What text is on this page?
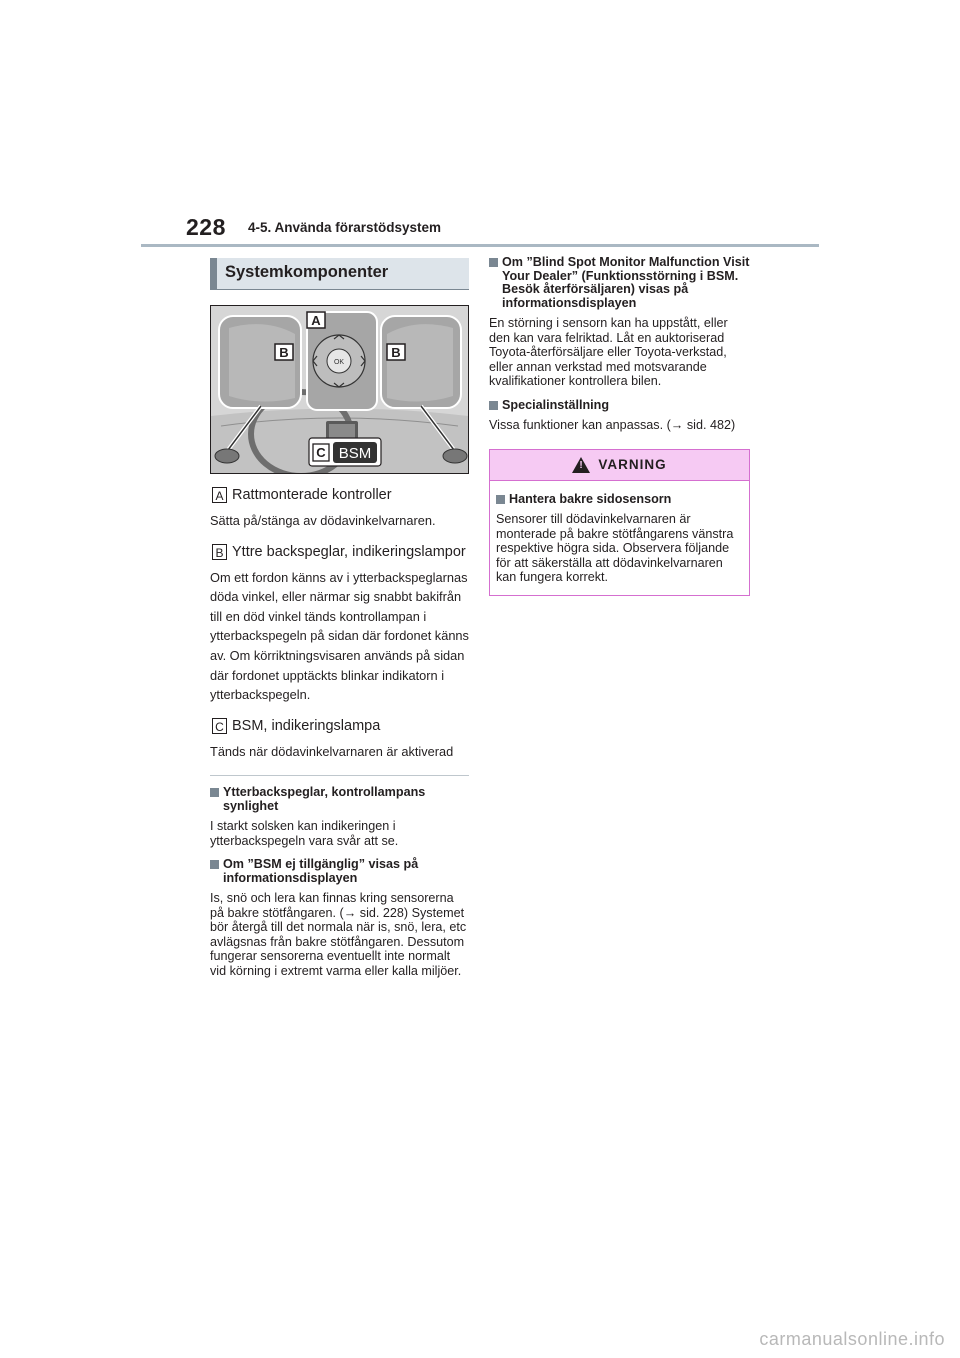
228 4-5. Använda förarstödsystem
Systemkomponenter
OK
A
B	B
C BSM
A Rattmonterade kontroller
Sätta på/stänga av dödavinkelvarnaren.
B Yttre backspeglar, indikeringslampor
Om ett fordon känns av i ytterbackspeglarnas döda vinkel, eller närmar sig snabbt bakifrån till en död vinkel tänds kontrollampan i ytterbackspegeln på sidan där fordonet känns av. Om körriktningsvisaren används på sidan där fordonet upptäckts blinkar indikatorn i ytterbackspegeln.
C BSM, indikeringslampa
Tänds när dödavinkelvarnaren är aktiverad
Ytterbackspeglar, kontrollampans synlighet
I starkt solsken kan indikeringen i ytterbackspegeln vara svår att se.
Om ”BSM ej tillgänglig” visas på informationsdisplayen
Is, snö och lera kan finnas kring sensorerna på bakre stötfångaren. (→ sid. 228) Systemet bör återgå till det normala när is, snö, lera, etc avlägsnas från bakre stötfångaren. Dessutom fungerar sensorerna eventuellt inte normalt vid körning i extremt varma eller kalla miljöer.
Om ”Blind Spot Monitor Malfunction Visit Your Dealer” (Funktionsstörning i BSM. Besök återförsäljaren) visas på informationsdisplayen
En störning i sensorn kan ha uppstått, eller den kan vara felriktad. Låt en auktoriserad Toyota-återförsäljare eller Toyota-verkstad, eller annan verkstad med motsvarande kvalifikationer kontrollera bilen.
Specialinställning
Vissa funktioner kan anpassas. (→ sid. 482)
! VARNING
Hantera bakre sidosensorn
Sensorer till dödavinkelvarnaren är monterade på bakre stötfångarens vänstra respektive högra sida. Observera följande för att säkerställa att dödavinkelvarnaren kan fungera korrekt.
carmanualsonline.info
